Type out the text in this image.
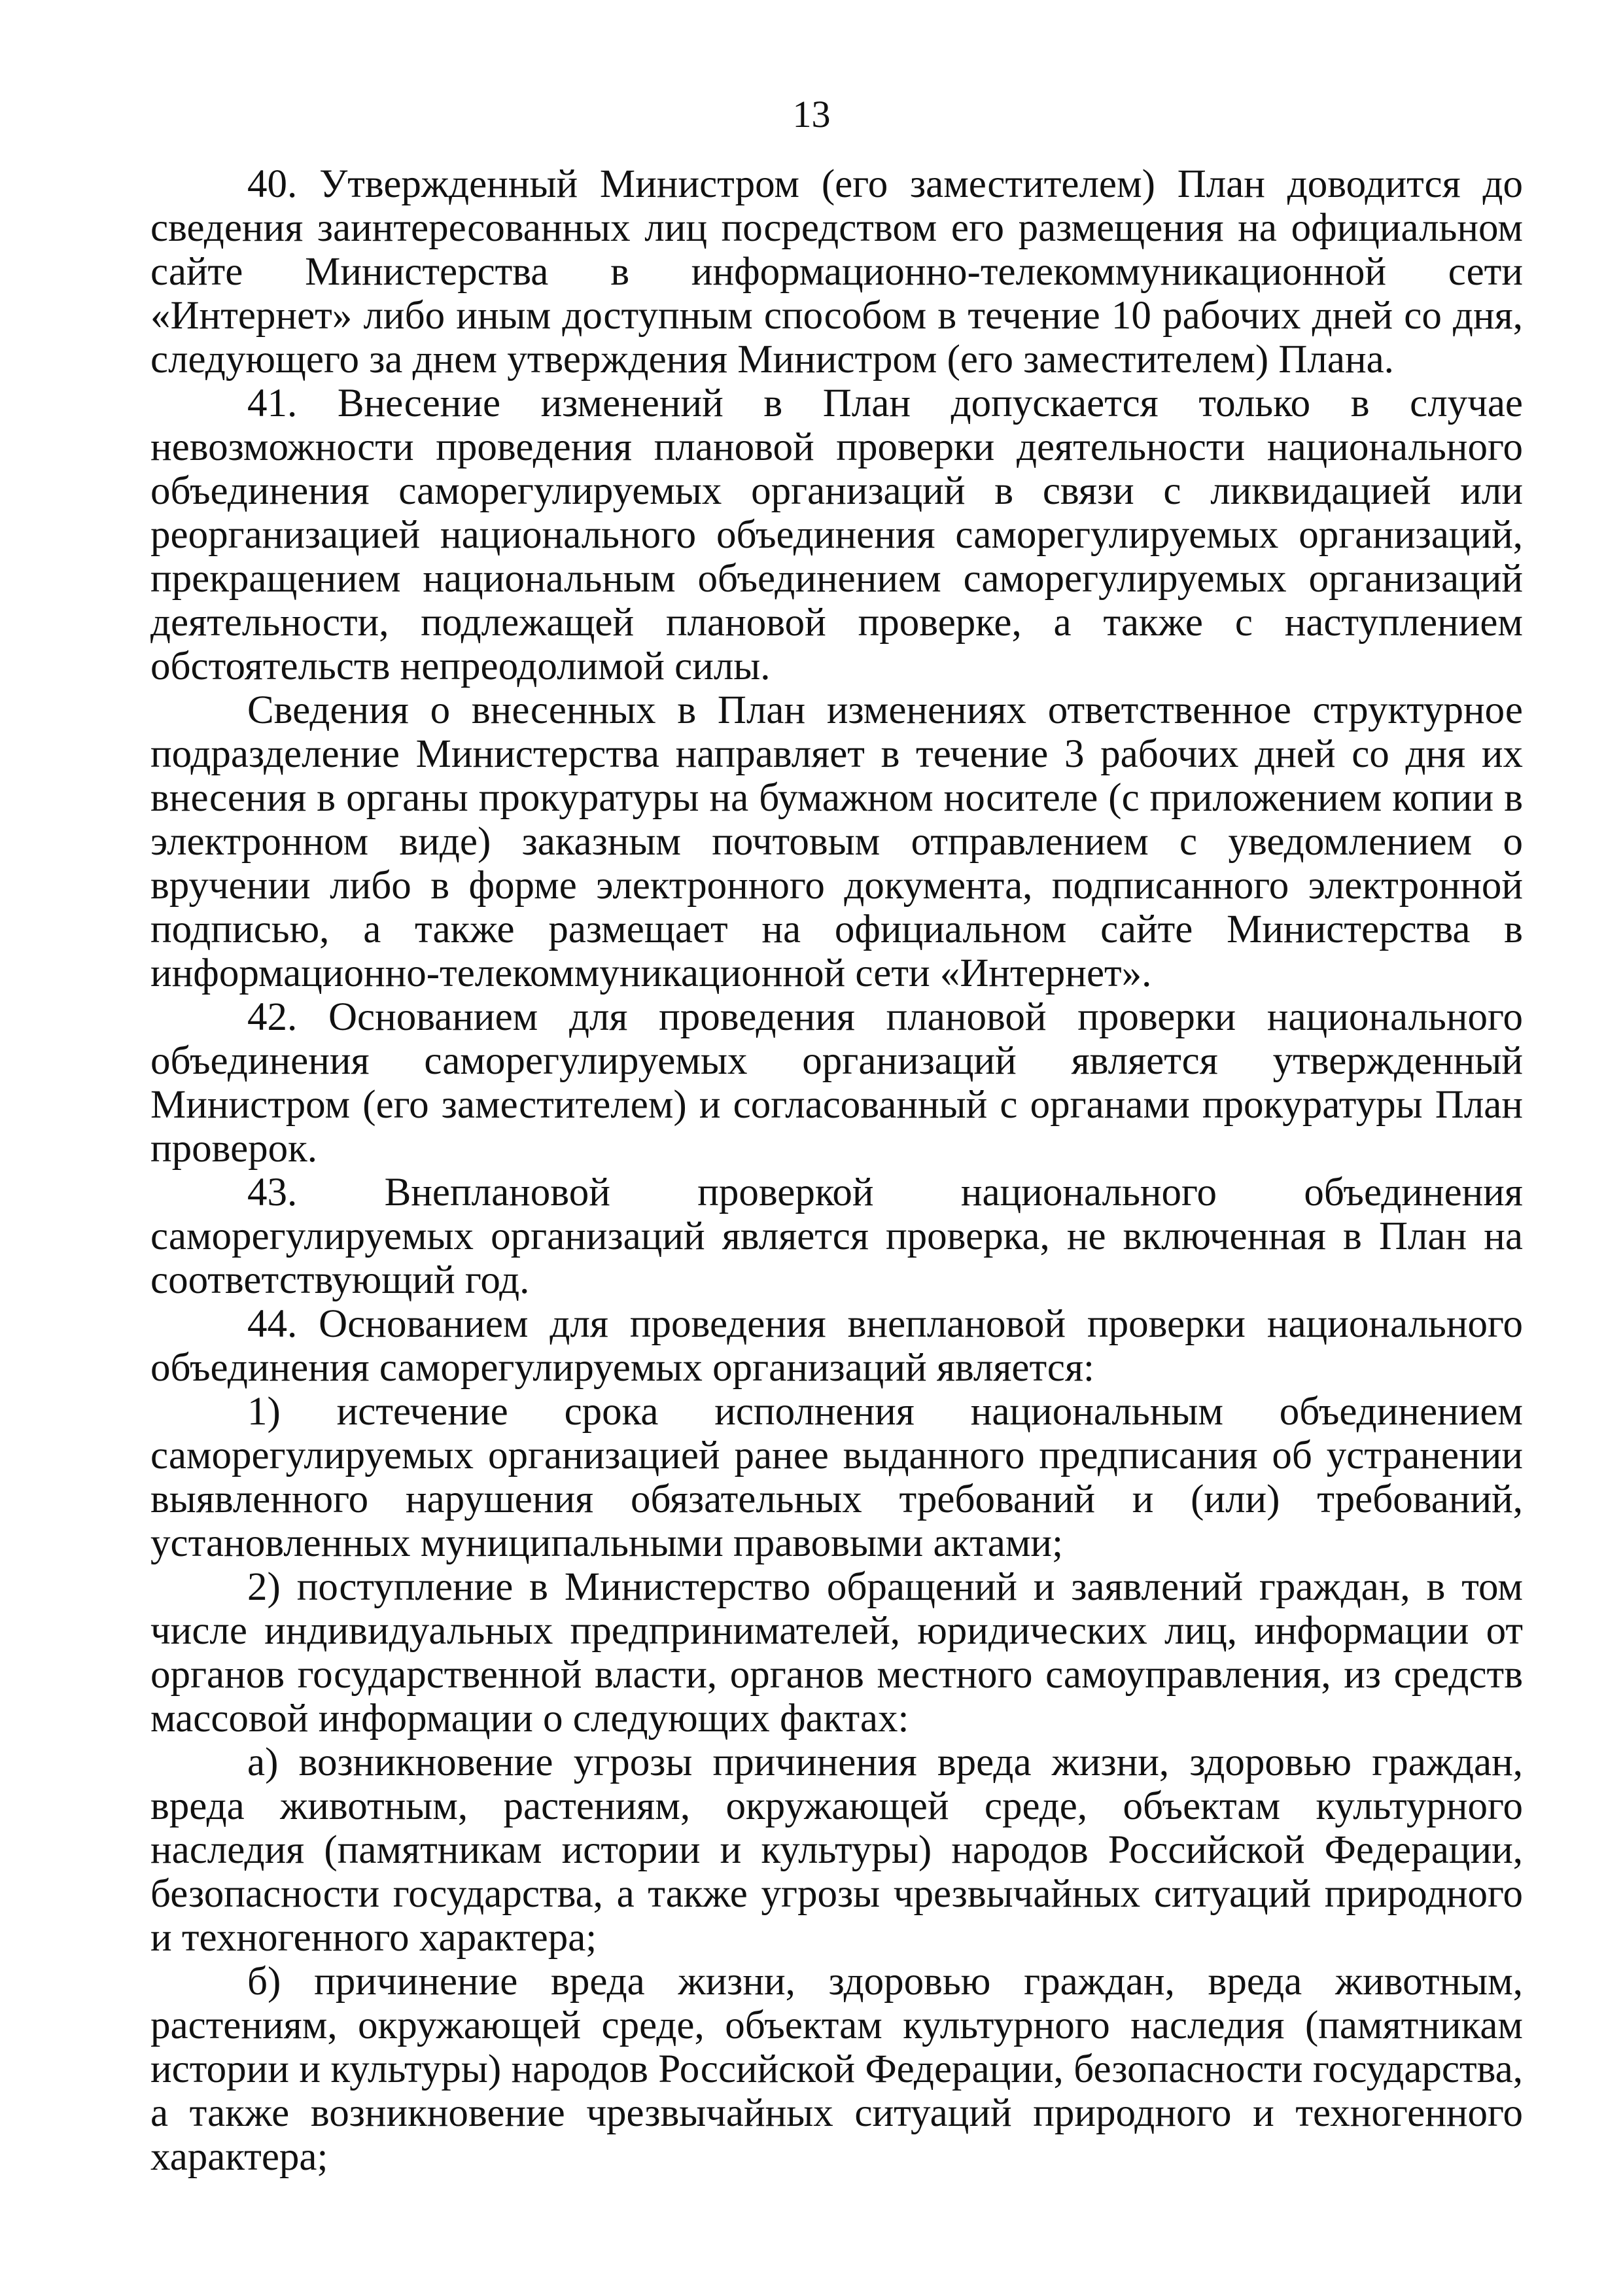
13

40. Утвержденный Министром (его заместителем) План доводится до сведения заинтересованных лиц посредством его размещения на официальном сайте Министерства в информационно-телекоммуникационной сети «Интернет» либо иным доступным способом в течение 10 рабочих дней со дня, следующего за днем утверждения Министром (его заместителем) Плана.

41. Внесение изменений в План допускается только в случае невозможности проведения плановой проверки деятельности национального объединения саморегулируемых организаций в связи с ликвидацией или реорганизацией национального объединения саморегулируемых организаций, прекращением национальным объединением саморегулируемых организаций деятельности, подлежащей плановой проверке, а также с наступлением обстоятельств непреодолимой силы.

Сведения о внесенных в План изменениях ответственное структурное подразделение Министерства направляет в течение 3 рабочих дней со дня их внесения в органы прокуратуры на бумажном носителе (с приложением копии в электронном виде) заказным почтовым отправлением с уведомлением о вручении либо в форме электронного документа, подписанного электронной подписью, а также размещает на официальном сайте Министерства в информационно-телекоммуникационной сети «Интернет».

42. Основанием для проведения плановой проверки национального объединения саморегулируемых организаций является утвержденный Министром (его заместителем) и согласованный с органами прокуратуры План проверок.

43. Внеплановой проверкой национального объединения саморегулируемых организаций является проверка, не включенная в План на соответствующий год.

44. Основанием для проведения внеплановой проверки национального объединения саморегулируемых организаций является:

1) истечение срока исполнения национальным объединением саморегулируемых организацией ранее выданного предписания об устранении выявленного нарушения обязательных требований и (или) требований, установленных муниципальными правовыми актами;

2) поступление в Министерство обращений и заявлений граждан, в том числе индивидуальных предпринимателей, юридических лиц, информации от органов государственной власти, органов местного самоуправления, из средств массовой информации о следующих фактах:

а) возникновение угрозы причинения вреда жизни, здоровью граждан, вреда животным, растениям, окружающей среде, объектам культурного наследия (памятникам истории и культуры) народов Российской Федерации, безопасности государства, а также угрозы чрезвычайных ситуаций природного и техногенного характера;

б) причинение вреда жизни, здоровью граждан, вреда животным, растениям, окружающей среде, объектам культурного наследия (памятникам истории и культуры) народов Российской Федерации, безопасности государства, а также возникновение чрезвычайных ситуаций природного и техногенного характера;
